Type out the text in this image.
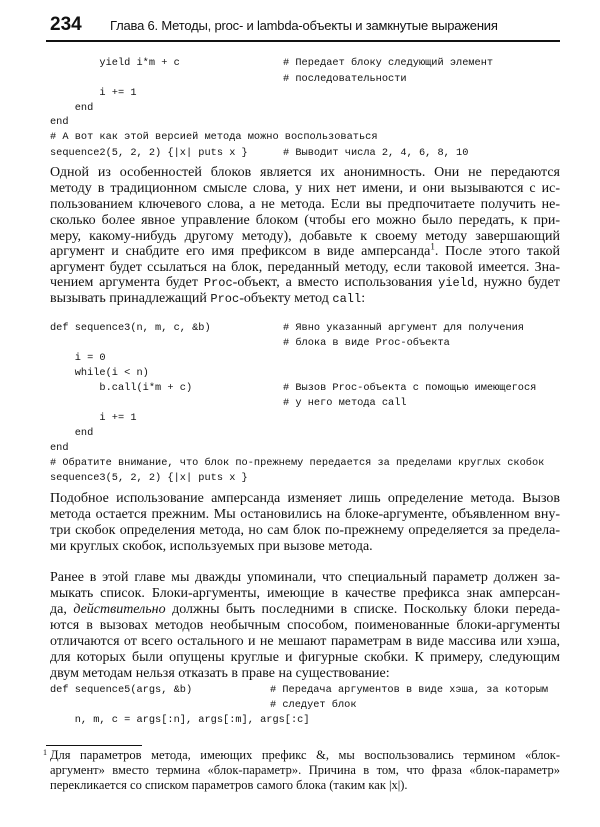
234 Глава 6. Методы, proc- и lambda-объекты и замкнутые выражения
yield i*m + c	# Передает блоку следующий элемент
# последовательности
i += 1
end
end
# А вот как этой версией метода можно воспользоваться
sequence2(5, 2, 2) {|x| puts x }	# Выводит числа 2, 4, 6, 8, 10
Одной из особенностей блоков является их анонимность. Они не передаются
методу в традиционном смысле слова, у них нет имени, и они вызываются с ис-
пользованием ключевого слова, а не метода. Если вы предпочитаете получить не-
сколько более явное управление блоком (чтобы его можно было передать, к при-
меру, какому-нибудь другому методу), добавьте к своему методу завершающий
аргумент и снабдите его имя префиксом в виде амперсанда$^1$. После этого такой
аргумент будет ссылаться на блок, переданный методу, если таковой имеется. Зна-
чением аргумента будет Proc-объект, а вместо использования yield, нужно будет
вызывать принадлежащий Proc-объекту метод call:
def sequence3(n, m, c, &b)	# Явно указанный аргумент для получения
# блока в виде Proc-объекта
i = 0
while(i < n)
b.call(i*m + c)	# Вызов Proc-объекта с помощью имеющегося
# у него метода call
i += 1
end
end
# Обратите внимание, что блок по-прежнему передается за пределами круглых скобок
sequence3(5, 2, 2) {|x| puts x }
Подобное использование амперсанда изменяет лишь определение метода. Вызов
метода остается прежним. Мы остановились на блоке-аргументе, объявленном вну-
три скобок определения метода, но сам блок по-прежнему определяется за предела-
ми круглых скобок, используемых при вызове метода.
Ранее в этой главе мы дважды упоминали, что специальный параметр должен за-
мыкать список. Блоки-аргументы, имеющие в качестве префикса знак амперсан-
да, действительно должны быть последними в списке. Поскольку блоки переда-
ются в вызовах методов необычным способом, поименованные блоки-аргументы
отличаются от всего остального и не мешают параметрам в виде массива или хэша,
для которых были опущены круглые и фигурные скобки. К примеру, следующим
двум методам нельзя отказать в праве на существование:
def sequence5(args, &b)	# Передача аргументов в виде хэша, за которым
# следует блок
n, m, c = args[:n], args[:m], args[:c]
1 Для параметров метода, имеющих префикс &, мы воспользовались термином «блок-
аргумент» вместо термина «блок-параметр». Причина в том, что фраза «блок-параметр»
перекликается со списком параметров самого блока (таким как |x|).
